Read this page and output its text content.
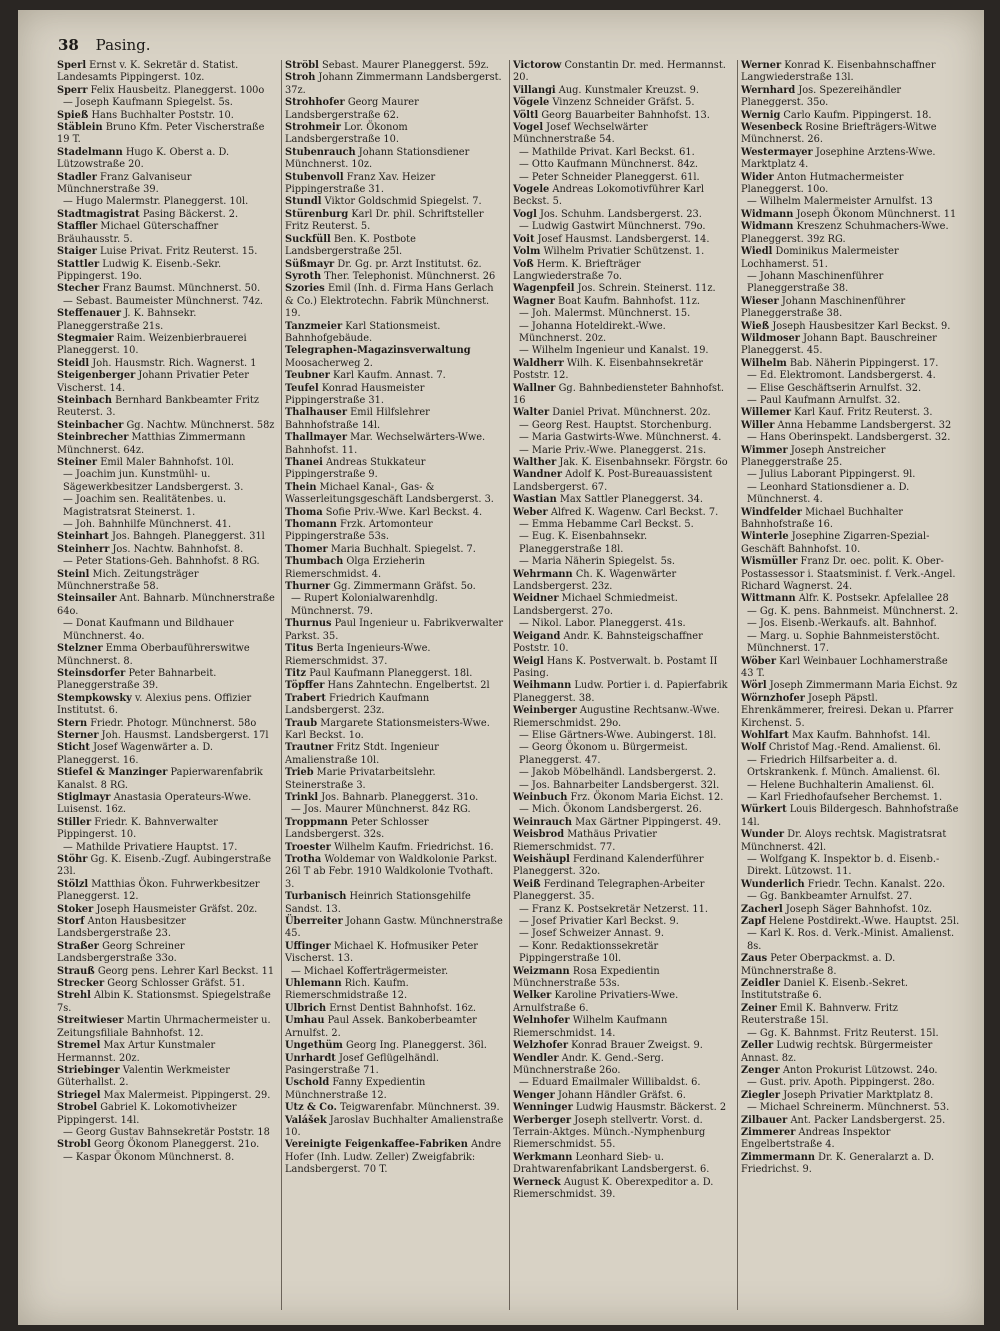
38 Pasing.

Sperl Ernst v. K. Sekretär d. Statist. Landesamts Pippingerst. 10z.

Sperr Felix Hausbeitz. Planeggerst. 100o

— Joseph Kaufmann Spiegelst. 5s.

Spieß Hans Buchhalter Poststr. 10.

Stäblein Bruno Kfm. Peter Vischerstraße 19 T.

Stadelmann Hugo K. Oberst a. D. Lützowstraße 20.

Stadler Franz Galvaniseur Münchnerstraße 39.

— Hugo Malermstr. Planeggerst. 10l.

Stadtmagistrat Pasing Bäckerst. 2.

Staffler Michael Güterschaffner Bräuhausstr. 5.

Staiger Luise Privat. Fritz Reuterst. 15.

Stattler Ludwig K. Eisenb.-Sekr. Pippingerst. 19o.

Stecher Franz Baumst. Münchnerst. 50.

— Sebast. Baumeister Münchnerst. 74z.

Steffenauer J. K. Bahnsekr. Planeggerstraße 21s.

Stegmaier Raim. Weizenbierbrauerei Planeggerst. 10.

Steidl Joh. Hausmstr. Rich. Wagnerst. 1

Steigenberger Johann Privatier Peter Vischerst. 14.

Steinbach Bernhard Bankbeamter Fritz Reuterst. 3.

Steinbacher Gg. Nachtw. Münchnerst. 58z

Steinbrecher Matthias Zimmermann Münchnerst. 64z.

Steiner Emil Maler Bahnhofst. 10l.

— Joachim jun. Kunstmühl- u. Sägewerkbesitzer Landsbergerst. 3.

— Joachim sen. Realitätenbes. u. Magistratsrat Steinerst. 1.

— Joh. Bahnhilfe Münchnerst. 41.

Steinhart Jos. Bahngeh. Planeggerst. 31l

Steinherr Jos. Nachtw. Bahnhofst. 8.

— Peter Stations-Geh. Bahnhofst. 8 RG.

Steinl Mich. Zeitungsträger Münchnerstraße 58.

Steinsailer Ant. Bahnarb. Münchnerstraße 64o.

— Donat Kaufmann und Bildhauer Münchnerst. 4o.

Stelzner Emma Oberbauführerswitwe Münchnerst. 8.

Steinsdorfer Peter Bahnarbeit. Planeggerstraße 39.

Stempkowsky v. Alexius pens. Offizier Institutst. 6.

Stern Friedr. Photogr. Münchnerst. 58o

Sterner Joh. Hausmst. Landsbergerst. 17l

Sticht Josef Wagenwärter a. D. Planeggerst. 16.

Stiefel & Manzinger Papierwarenfabrik Kanalst. 8 RG.

Stiglmayr Anastasia Operateurs-Wwe. Luisenst. 16z.

Stiller Friedr. K. Bahnverwalter Pippingerst. 10.

— Mathilde Privatiere Hauptst. 17.

Stöhr Gg. K. Eisenb.-Zugf. Aubingerstraße 23l.

Stölzl Matthias Ökon. Fuhrwerkbesitzer Planeggerst. 12.

Stoker Joseph Hausmeister Gräfst. 20z.

Storf Anton Hausbesitzer Landsbergerstraße 23.

Straßer Georg Schreiner Landsbergerstraße 33o.

Strauß Georg pens. Lehrer Karl Beckst. 11

Strecker Georg Schlosser Gräfst. 51.

Strehl Albin K. Stationsmst. Spiegelstraße 7s.

Streitwieser Martin Uhrmachermeister u. Zeitungsfiliale Bahnhofst. 12.

Stremel Max Artur Kunstmaler Hermannst. 20z.

Striebinger Valentin Werkmeister Güterhallst. 2.

Striegel Max Malermeist. Pippingerst. 29.

Strobel Gabriel K. Lokomotivheizer Pippingerst. 14l.

— Georg Gustav Bahnsekretär Poststr. 18

Strobl Georg Ökonom Planeggerst. 21o.

— Kaspar Ökonom Münchnerst. 8.

Ströbl Sebast. Maurer Planeggerst. 59z.

Stroh Johann Zimmermann Landsbergerst. 37z.

Strohhofer Georg Maurer Landsbergerstraße 62.

Strohmeir Lor. Ökonom Landsbergerstraße 10.

Stubenrauch Johann Stationsdiener Münchnerst. 10z.

Stubenvoll Franz Xav. Heizer Pippingerstraße 31.

Stundl Viktor Goldschmid Spiegelst. 7.

Stürenburg Karl Dr. phil. Schriftsteller Fritz Reuterst. 5.

Suckfüll Ben. K. Postbote Landsbergerstraße 25l.

Süßmayr Dr. Gg. pr. Arzt Institutst. 6z.

Syroth Ther. Telephonist. Münchnerst. 26

Szories Emil (Inh. d. Firma Hans Gerlach & Co.) Elektrotechn. Fabrik Münchnerst. 19.

Tanzmeier Karl Stationsmeist. Bahnhofgebäude.

Telegraphen-Magazinsverwaltung Moosacherweg 2.

Teubner Karl Kaufm. Annast. 7.

Teufel Konrad Hausmeister Pippingerstraße 31.

Thalhauser Emil Hilfslehrer Bahnhofstraße 14l.

Thallmayer Mar. Wechselwärters-Wwe. Bahnhofst. 11.

Thanei Andreas Stukkateur Pippingerstraße 9.

Thein Michael Kanal-, Gas- & Wasserleitungsgeschäft Landsbergerst. 3.

Thoma Sofie Priv.-Wwe. Karl Beckst. 4.

Thomann Frzk. Artomonteur Pippingerstraße 53s.

Thomer Maria Buchhalt. Spiegelst. 7.

Thumbach Olga Erzieherin Riemerschmidst. 4.

Thurner Gg. Zimmermann Gräfst. 5o.

— Rupert Kolonialwarenhdlg. Münchnerst. 79.

Thurnus Paul Ingenieur u. Fabrikverwalter Parkst. 35.

Titus Berta Ingenieurs-Wwe. Riemerschmidst. 37.

Titz Paul Kaufmann Planeggerst. 18l.

Töpffer Hans Zahntechn. Engelbertst. 2l

Trabert Friedrich Kaufmann Landsbergerst. 23z.

Traub Margarete Stationsmeisters-Wwe. Karl Beckst. 1o.

Trautner Fritz Stdt. Ingenieur Amalienstraße 10l.

Trieb Marie Privatarbeitslehr. Steinerstraße 3.

Trinkl Jos. Bahnarb. Planeggerst. 31o.

— Jos. Maurer Münchnerst. 84z RG.

Troppmann Peter Schlosser Landsbergerst. 32s.

Troester Wilhelm Kaufm. Friedrichst. 16.

Trotha Woldemar von Waldkolonie Parkst. 26l T ab Febr. 1910 Waldkolonie Tvothaft. 3.

Turbanisch Heinrich Stationsgehilfe Sandst. 13.

Überreiter Johann Gastw. Münchnerstraße 45.

Uffinger Michael K. Hofmusiker Peter Vischerst. 13.

— Michael Kofferträgermeister.

Uhlemann Rich. Kaufm. Riemerschmidstraße 12.

Ulbrich Ernst Dentist Bahnhofst. 16z.

Umhau Paul Assek. Bankoberbeamter Arnulfst. 2.

Ungethüm Georg Ing. Planeggerst. 36l.

Unrhardt Josef Geflügelhändl. Pasingerstraße 71.

Uschold Fanny Expedientin Münchnerstraße 12.

Utz & Co. Teigwarenfabr. Münchnerst. 39.

Valášek Jaroslav Buchhalter Amalienstraße 10.

Vereinigte Feigenkaffee-Fabriken Andre Hofer (Inh. Ludw. Zeller) Zweigfabrik: Landsbergerst. 70 T.

Victorow Constantin Dr. med. Hermannst. 20.

Villangi Aug. Kunstmaler Kreuzst. 9.

Vögele Vinzenz Schneider Gräfst. 5.

Völtl Georg Bauarbeiter Bahnhofst. 13.

Vogel Josef Wechselwärter Münchnerstraße 54.

— Mathilde Privat. Karl Beckst. 61.

— Otto Kaufmann Münchnerst. 84z.

— Peter Schneider Planeggerst. 61l.

Vogele Andreas Lokomotivführer Karl Beckst. 5.

Vogl Jos. Schuhm. Landsbergerst. 23.

— Ludwig Gastwirt Münchnerst. 79o.

Voit Josef Hausmst. Landsbergerst. 14.

Volm Wilhelm Privatier Schützenst. 1.

Voß Herm. K. Briefträger Langwiederstraße 7o.

Wagenpfeil Jos. Schrein. Steinerst. 11z.

Wagner Boat Kaufm. Bahnhofst. 11z.

— Joh. Malermst. Münchnerst. 15.

— Johanna Hoteldirekt.-Wwe. Münchnerst. 20z.

— Wilhelm Ingenieur und Kanalst. 19.

Waldherr Wilh. K. Eisenbahnsekretär Poststr. 12.

Wallner Gg. Bahnbediensteter Bahnhofst. 16

Walter Daniel Privat. Münchnerst. 20z.

— Georg Rest. Hauptst. Storchenburg.

— Maria Gastwirts-Wwe. Münchnerst. 4.

— Marie Priv.-Wwe. Planeggerst. 21s.

Walther Jak. K. Eisenbahnsekr. Förgstr. 6o

Wandner Adolf K. Post-Bureauassistent Landsbergerst. 67.

Wastian Max Sattler Planeggerst. 34.

Weber Alfred K. Wagenw. Carl Beckst. 7.

— Emma Hebamme Carl Beckst. 5.

— Eug. K. Eisenbahnsekr. Planeggerstraße 18l.

— Maria Näherin Spiegelst. 5s.

Wehrmann Ch. K. Wagenwärter Landsbergerst. 23z.

Weidner Michael Schmiedmeist. Landsbergerst. 27o.

— Nikol. Labor. Planeggerst. 41s.

Weigand Andr. K. Bahnsteigschaffner Poststr. 10.

Weigl Hans K. Postverwalt. b. Postamt II Pasing.

Weihmann Ludw. Portier i. d. Papierfabrik Planeggerst. 38.

Weinberger Augustine Rechtsanw.-Wwe. Riemerschmidst. 29o.

— Elise Gärtners-Wwe. Aubingerst. 18l.

— Georg Ökonom u. Bürgermeist. Planeggerst. 47.

— Jakob Möbelhändl. Landsbergerst. 2.

— Jos. Bahnarbeiter Landsbergerst. 32l.

Weinbuch Frz. Ökonom Maria Eichst. 12.

— Mich. Ökonom Landsbergerst. 26.

Weinrauch Max Gärtner Pippingerst. 49.

Weisbrod Mathäus Privatier Riemerschmidst. 77.

Weishäupl Ferdinand Kalenderführer Planeggerst. 32o.

Weiß Ferdinand Telegraphen-Arbeiter Planeggerst. 35.

— Franz K. Postsekretär Netzerst. 11.

— Josef Privatier Karl Beckst. 9.

— Josef Schweizer Annast. 9.

— Konr. Redaktionssekretär Pippingerstraße 10l.

Weizmann Rosa Expedientin Münchnerstraße 53s.

Welker Karoline Privatiers-Wwe. Arnulfstraße 6.

Welnhofer Wilhelm Kaufmann Riemerschmidst. 14.

Welzhofer Konrad Brauer Zweigst. 9.

Wendler Andr. K. Gend.-Serg. Münchnerstraße 26o.

— Eduard Emailmaler Willibaldst. 6.

Wenger Johann Händler Gräfst. 6.

Wenninger Ludwig Hausmstr. Bäckerst. 2

Werberger Joseph stellvertr. Vorst. d. Terrain-Aktges. Münch.-Nymphenburg Riemerschmidst. 55.

Werkmann Leonhard Sieb- u. Drahtwarenfabrikant Landsbergerst. 6.

Werneck August K. Oberexpeditor a. D. Riemerschmidst. 39.

Werner Konrad K. Eisenbahnschaffner Langwiederstraße 13l.

Wernhard Jos. Spezereihändler Planeggerst. 35o.

Wernig Carlo Kaufm. Pippingerst. 18.

Wesenbeck Rosine Briefträgers-Witwe Münchnerst. 26.

Westermayer Josephine Arztens-Wwe. Marktplatz 4.

Wider Anton Hutmachermeister Planeggerst. 10o.

— Wilhelm Malermeister Arnulfst. 13

Widmann Joseph Ökonom Münchnerst. 11

Widmann Kreszenz Schuhmachers-Wwe. Planeggerst. 39z RG.

Wiedl Dominikus Malermeister Lochhamerst. 51.

— Johann Maschinenführer Planeggerstraße 38.

Wieser Johann Maschinenführer Planeggerstraße 38.

Wieß Joseph Hausbesitzer Karl Beckst. 9.

Wildmoser Johann Bapt. Bauschreiner Planeggerst. 45.

Wilhelm Bab. Näherin Pippingerst. 17.

— Ed. Elektromont. Landsbergerst. 4.

— Elise Geschäftserin Arnulfst. 32.

— Paul Kaufmann Arnulfst. 32.

Willemer Karl Kauf. Fritz Reuterst. 3.

Willer Anna Hebamme Landsbergerst. 32

— Hans Oberinspekt. Landsbergerst. 32.

Wimmer Joseph Anstreicher Planeggerstraße 25.

— Julius Laborant Pippingerst. 9l.

— Leonhard Stationsdiener a. D. Münchnerst. 4.

Windfelder Michael Buchhalter Bahnhofstraße 16.

Winterle Josephine Zigarren-Spezial-Geschäft Bahnhofst. 10.

Wismüller Franz Dr. oec. polit. K. Ober-Postassessor i. Staatsminist. f. Verk.-Angel. Richard Wagnerst. 24.

Wittmann Alfr. K. Postsekr. Apfelallee 28

— Gg. K. pens. Bahnmeist. Münchnerst. 2.

— Jos. Eisenb.-Werkaufs. alt. Bahnhof.

— Marg. u. Sophie Bahnmeisterstöcht. Münchnerst. 17.

Wöber Karl Weinbauer Lochhamerstraße 43 T.

Wörl Joseph Zimmermann Maria Eichst. 9z

Wörnzhofer Joseph Päpstl. Ehrenkämmerer, freiresi. Dekan u. Pfarrer Kirchenst. 5.

Wohlfart Max Kaufm. Bahnhofst. 14l.

Wolf Christof Mag.-Rend. Amalienst. 6l.

— Friedrich Hilfsarbeiter a. d. Ortskrankenk. f. Münch. Amalienst. 6l.

— Helene Buchhalterin Amalienst. 6l.

— Karl Friedhofaufseher Berchemst. 1.

Würkert Louis Bildergesch. Bahnhofstraße 14l.

Wunder Dr. Aloys rechtsk. Magistratsrat Münchnerst. 42l.

— Wolfgang K. Inspektor b. d. Eisenb.-Direkt. Lützowst. 11.

Wunderlich Friedr. Techn. Kanalst. 22o.

— Gg. Bankbeamter Arnulfst. 27.

Zacherl Joseph Säger Bahnhofst. 10z.

Zapf Helene Postdirekt.-Wwe. Hauptst. 25l.

— Karl K. Ros. d. Verk.-Minist. Amalienst. 8s.

Zaus Peter Oberpackmst. a. D. Münchnerstraße 8.

Zeidler Daniel K. Eisenb.-Sekret. Institutstraße 6.

Zeiner Emil K. Bahnverw. Fritz Reuterstraße 15l.

— Gg. K. Bahnmst. Fritz Reuterst. 15l.

Zeller Ludwig rechtsk. Bürgermeister Annast. 8z.

Zenger Anton Prokurist Lützowst. 24o.

— Gust. priv. Apoth. Pippingerst. 28o.

Ziegler Joseph Privatier Marktplatz 8.

— Michael Schreinerm. Münchnerst. 53.

Zilbauer Ant. Packer Landsbergerst. 25.

Zimmerer Andreas Inspektor Engelbertstraße 4.

Zimmermann Dr. K. Generalarzt a. D. Friedrichst. 9.
